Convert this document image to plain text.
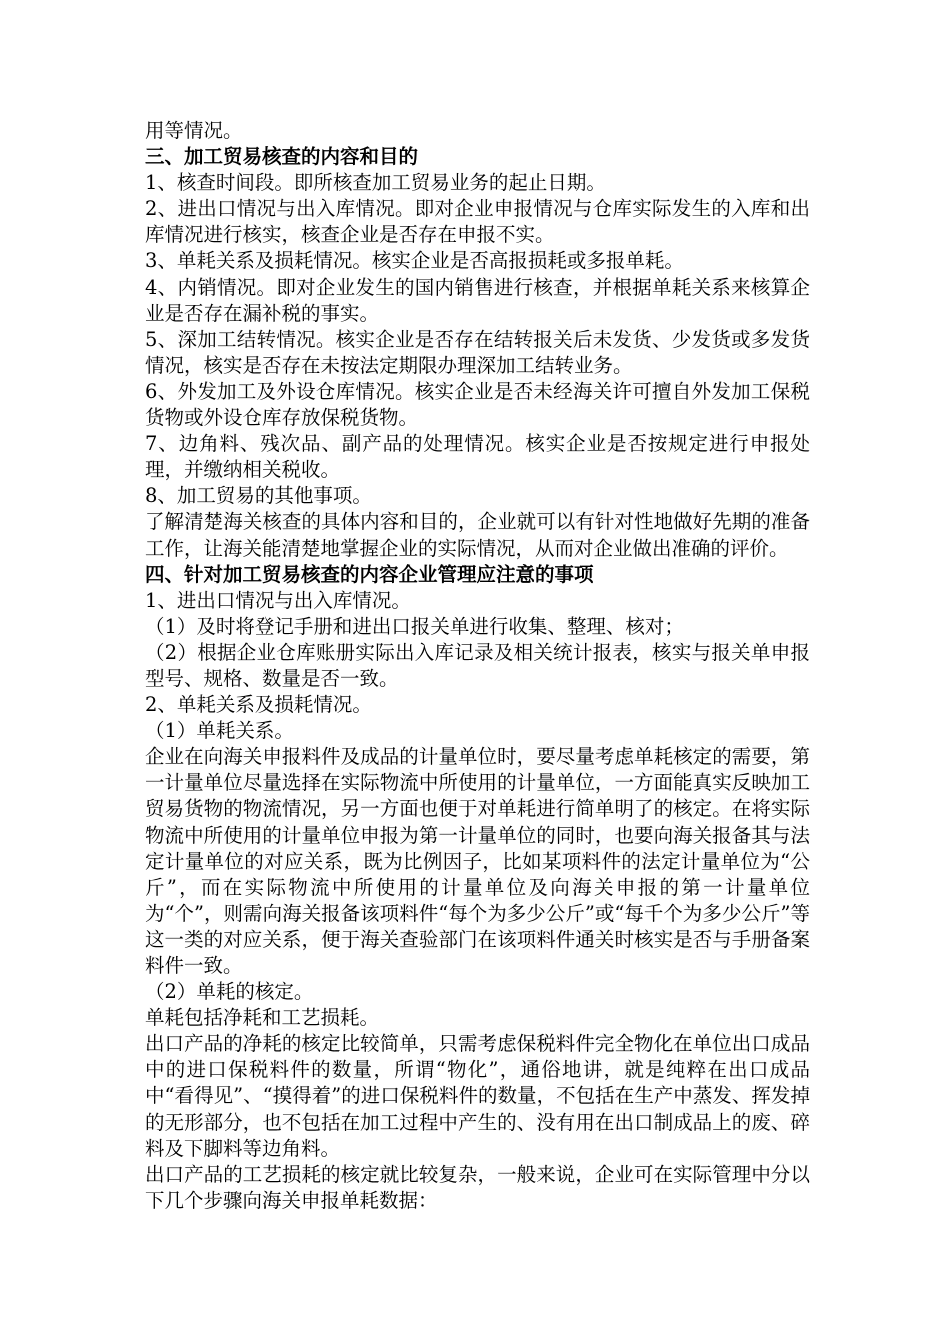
用等情况。

三、加工贸易核查的内容和目的

1、核查时间段。即所核查加工贸易业务的起止日期。

2、进出口情况与出入库情况。即对企业申报情况与仓库实际发生的入库和出库情况进行核实，核查企业是否存在申报不实。

3、单耗关系及损耗情况。核实企业是否高报损耗或多报单耗。

4、内销情况。即对企业发生的国内销售进行核查，并根据单耗关系来核算企业是否存在漏补税的事实。

5、深加工结转情况。核实企业是否存在结转报关后未发货、少发货或多发货情况，核实是否存在未按法定期限办理深加工结转业务。

6、外发加工及外设仓库情况。核实企业是否未经海关许可擅自外发加工保税货物或外设仓库存放保税货物。

7、边角料、残次品、副产品的处理情况。核实企业是否按规定进行申报处理，并缴纳相关税收。

8、加工贸易的其他事项。

了解清楚海关核查的具体内容和目的，企业就可以有针对性地做好先期的准备工作，让海关能清楚地掌握企业的实际情况，从而对企业做出准确的评价。

四、针对加工贸易核查的内容企业管理应注意的事项

1、进出口情况与出入库情况。

（1）及时将登记手册和进出口报关单进行收集、整理、核对；

（2）根据企业仓库账册实际出入库记录及相关统计报表，核实与报关单申报型号、规格、数量是否一致。

2、单耗关系及损耗情况。

（1）单耗关系。

企业在向海关申报料件及成品的计量单位时，要尽量考虑单耗核定的需要，第一计量单位尽量选择在实际物流中所使用的计量单位，一方面能真实反映加工贸易货物的物流情况，另一方面也便于对单耗进行简单明了的核定。在将实际物流中所使用的计量单位申报为第一计量单位的同时，也要向海关报备其与法定计量单位的对应关系，既为比例因子，比如某项料件的法定计量单位为“公斤”，而在实际物流中所使用的计量单位及向海关申报的第一计量单位为“个”，则需向海关报备该项料件“每个为多少公斤”或“每千个为多少公斤”等这一类的对应关系，便于海关查验部门在该项料件通关时核实是否与手册备案料件一致。

（2）单耗的核定。

单耗包括净耗和工艺损耗。

出口产品的净耗的核定比较简单，只需考虑保税料件完全物化在单位出口成品中的进口保税料件的数量，所谓“物化”，通俗地讲，就是纯粹在出口成品中“看得见”、“摸得着”的进口保税料件的数量，不包括在生产中蒸发、挥发掉的无形部分，也不包括在加工过程中产生的、没有用在出口制成品上的废、碎料及下脚料等边角料。

出口产品的工艺损耗的核定就比较复杂，一般来说，企业可在实际管理中分以下几个步骤向海关申报单耗数据：
